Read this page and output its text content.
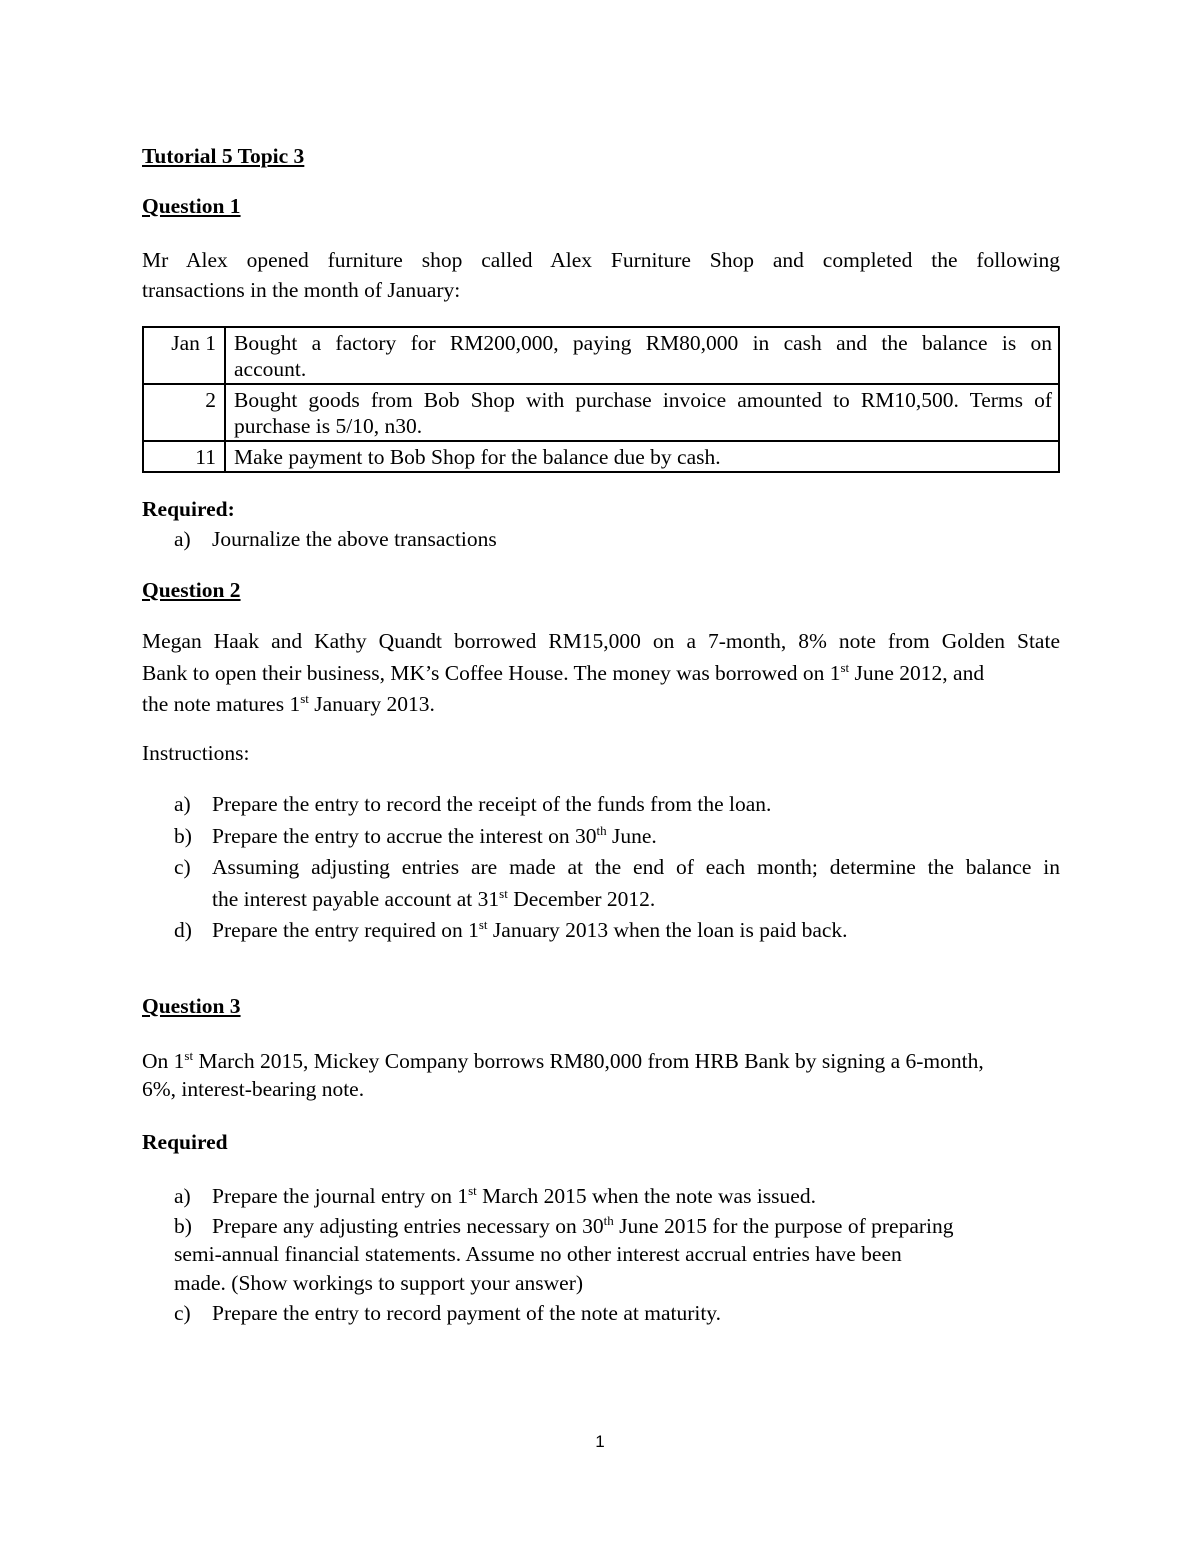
Tutorial 5 Topic 3
Question 1
Mr Alex opened furniture shop called Alex Furniture Shop and completed the following
transactions in the month of January:
Jan 1	Bought a factory for RM200,000, paying RM80,000 in cash and the balance is on
account.

2	Bought goods from Bob Shop with purchase invoice amounted to RM10,500. Terms of
purchase is 5/10, n30.

11	Make payment to Bob Shop for the balance due by cash.
Required:
a) Journalize the above transactions
Question 2
Megan Haak and Kathy Quandt borrowed RM15,000 on a 7-month, 8% note from Golden State
Bank to open their business, MK’s Coffee House. The money was borrowed on 1st June 2012, and
the note matures 1st January 2013.
Instructions:
a) Prepare the entry to record the receipt of the funds from the loan.
b) Prepare the entry to accrue the interest on 30th June.
c) Assuming adjusting entries are made at the end of each month; determine the balance in
the interest payable account at 31st December 2012.
d) Prepare the entry required on 1st January 2013 when the loan is paid back.
Question 3
On 1st March 2015, Mickey Company borrows RM80,000 from HRB Bank by signing a 6-month,
6%, interest-bearing note.
Required
a) Prepare the journal entry on 1st March 2015 when the note was issued.
b) Prepare any adjusting entries necessary on 30th June 2015 for the purpose of preparing
semi-annual financial statements. Assume no other interest accrual entries have been
made. (Show workings to support your answer)
c) Prepare the entry to record payment of the note at maturity.
1
